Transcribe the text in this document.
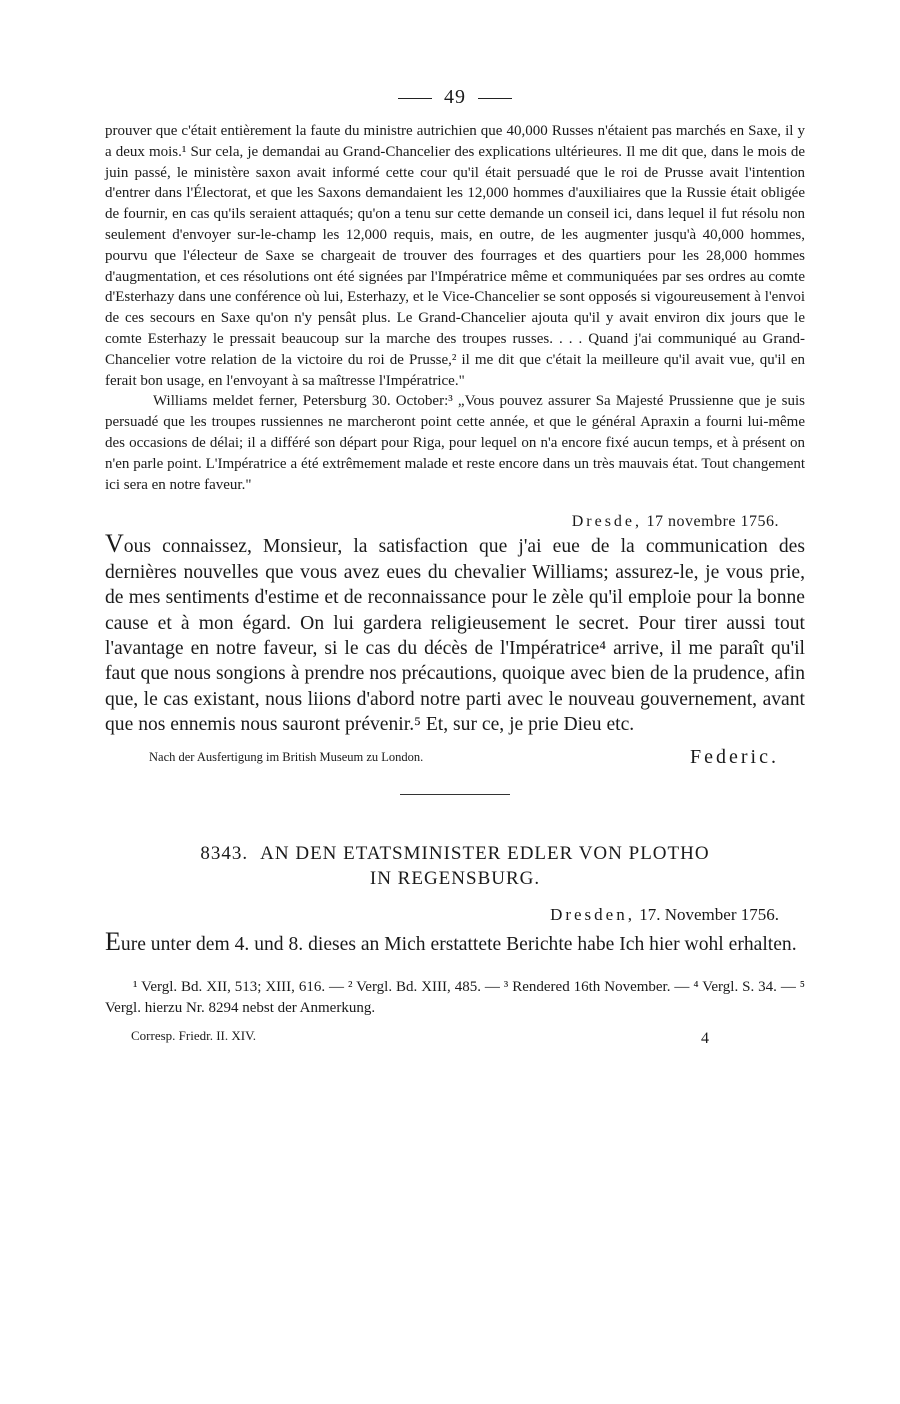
49

prouver que c'était entièrement la faute du ministre autrichien que 40,000 Russes n'étaient pas marchés en Saxe, il y a deux mois.¹ Sur cela, je demandai au Grand-Chancelier des explications ultérieures. Il me dit que, dans le mois de juin passé, le ministère saxon avait informé cette cour qu'il était persuadé que le roi de Prusse avait l'intention d'entrer dans l'Électorat, et que les Saxons demandaient les 12,000 hommes d'auxiliaires que la Russie était obligée de fournir, en cas qu'ils seraient attaqués; qu'on a tenu sur cette demande un conseil ici, dans lequel il fut résolu non seulement d'envoyer sur-le-champ les 12,000 requis, mais, en outre, de les augmenter jusqu'à 40,000 hommes, pourvu que l'électeur de Saxe se chargeait de trouver des fourrages et des quartiers pour les 28,000 hommes d'augmentation, et ces résolutions ont été signées par l'Impératrice même et communiquées par ses ordres au comte d'Esterhazy dans une conférence où lui, Esterhazy, et le Vice-Chancelier se sont opposés si vigoureusement à l'envoi de ces secours en Saxe qu'on n'y pensât plus. Le Grand-Chancelier ajouta qu'il y avait environ dix jours que le comte Esterhazy le pressait beaucoup sur la marche des troupes russes. . . . Quand j'ai communiqué au Grand-Chancelier votre relation de la victoire du roi de Prusse,² il me dit que c'était la meilleure qu'il avait vue, qu'il en ferait bon usage, en l'envoyant à sa maîtresse l'Impératrice."

Williams meldet ferner, Petersburg 30. October:³ „Vous pouvez assurer Sa Majesté Prussienne que je suis persuadé que les troupes russiennes ne marcheront point cette année, et que le général Apraxin a fourni lui-même des occasions de délai; il a différé son départ pour Riga, pour lequel on n'a encore fixé aucun temps, et à présent on n'en parle point. L'Impératrice a été extrêmement malade et reste encore dans un très mauvais état. Tout changement ici sera en notre faveur."

Dresde, 17 novembre 1756.

Vous connaissez, Monsieur, la satisfaction que j'ai eue de la communication des dernières nouvelles que vous avez eues du chevalier Williams; assurez-le, je vous prie, de mes sentiments d'estime et de reconnaissance pour le zèle qu'il emploie pour la bonne cause et à mon égard. On lui gardera religieusement le secret. Pour tirer aussi tout l'avantage en notre faveur, si le cas du décès de l'Impératrice⁴ arrive, il me paraît qu'il faut que nous songions à prendre nos précautions, quoique avec bien de la prudence, afin que, le cas existant, nous liions d'abord notre parti avec le nouveau gouvernement, avant que nos ennemis nous sauront prévenir.⁵ Et, sur ce, je prie Dieu etc.

Nach der Ausfertigung im British Museum zu London.	Federic.
8343. AN DEN ETATSMINISTER EDLER VON PLOTHO
IN REGENSBURG.
Dresden, 17. November 1756.

Eure unter dem 4. und 8. dieses an Mich erstattete Berichte habe Ich hier wohl erhalten.

¹ Vergl. Bd. XII, 513; XIII, 616. — ² Vergl. Bd. XIII, 485. — ³ Rendered 16th November. — ⁴ Vergl. S. 34. — ⁵ Vergl. hierzu Nr. 8294 nebst der Anmerkung.
Corresp. Friedr. II. XIV.	4
